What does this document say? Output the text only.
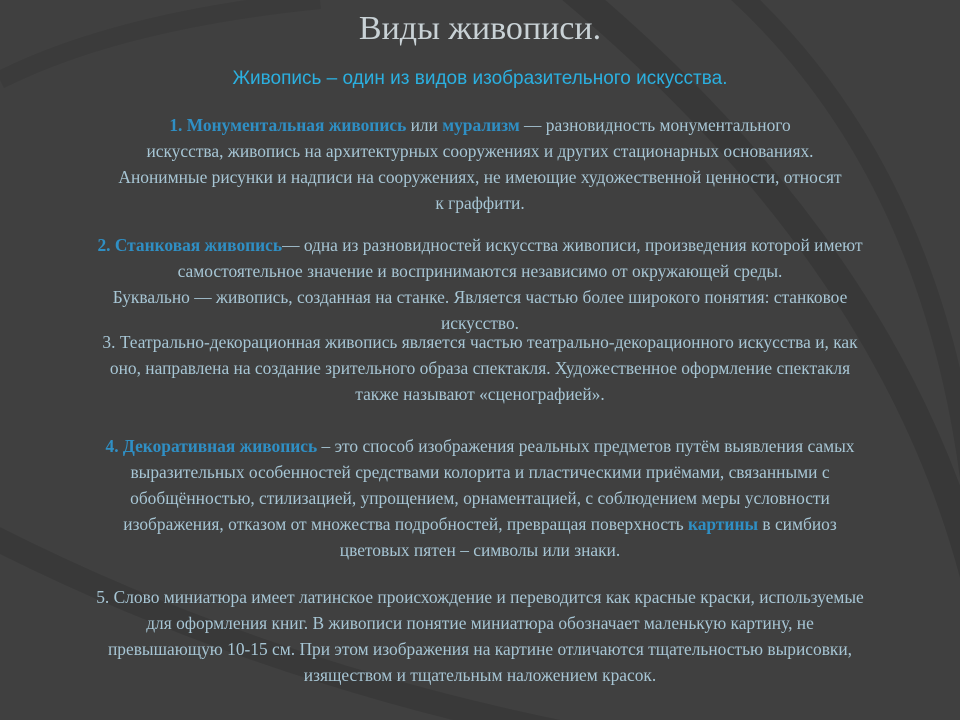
Виды живописи.
Живопись – один из видов изобразительного искусства.
1. Монументальная живопись или мурализм — разновидность монументального
искусства, живопись на архитектурных сооружениях и других стационарных основаниях.
Анонимные рисунки и надписи на сооружениях, не имеющие художественной ценности, относят
к граффити.
2. Станковая живопись— одна из разновидностей искусства живописи, произведения которой имеют
самостоятельное значение и воспринимаются независимо от окружающей среды.
Буквально — живопись, созданная на станке. Является частью более широкого понятия: станковое
искусство.
3. Театрально-декорационная живопись является частью театрально-декорационного искусства и, как
оно, направлена на создание зрительного образа спектакля. Художественное оформление спектакля
также называют «сценографией».
4. Декоративная живопись – это способ изображения реальных предметов путём выявления самых
выразительных особенностей средствами колорита и пластическими приёмами, связанными с
обобщённостью, стилизацией, упрощением, орнаментацией, с соблюдением меры условности
изображения, отказом от множества подробностей, превращая поверхность картины в симбиоз
цветовых пятен – символы или знаки.
5. Слово миниатюра имеет латинское происхождение и переводится как красные краски, используемые
для оформления книг. В живописи понятие миниатюра обозначает маленькую картину, не
превышающую 10-15 см. При этом изображения на картине отличаются тщательностью вырисовки,
изяществом и тщательным наложением красок.
